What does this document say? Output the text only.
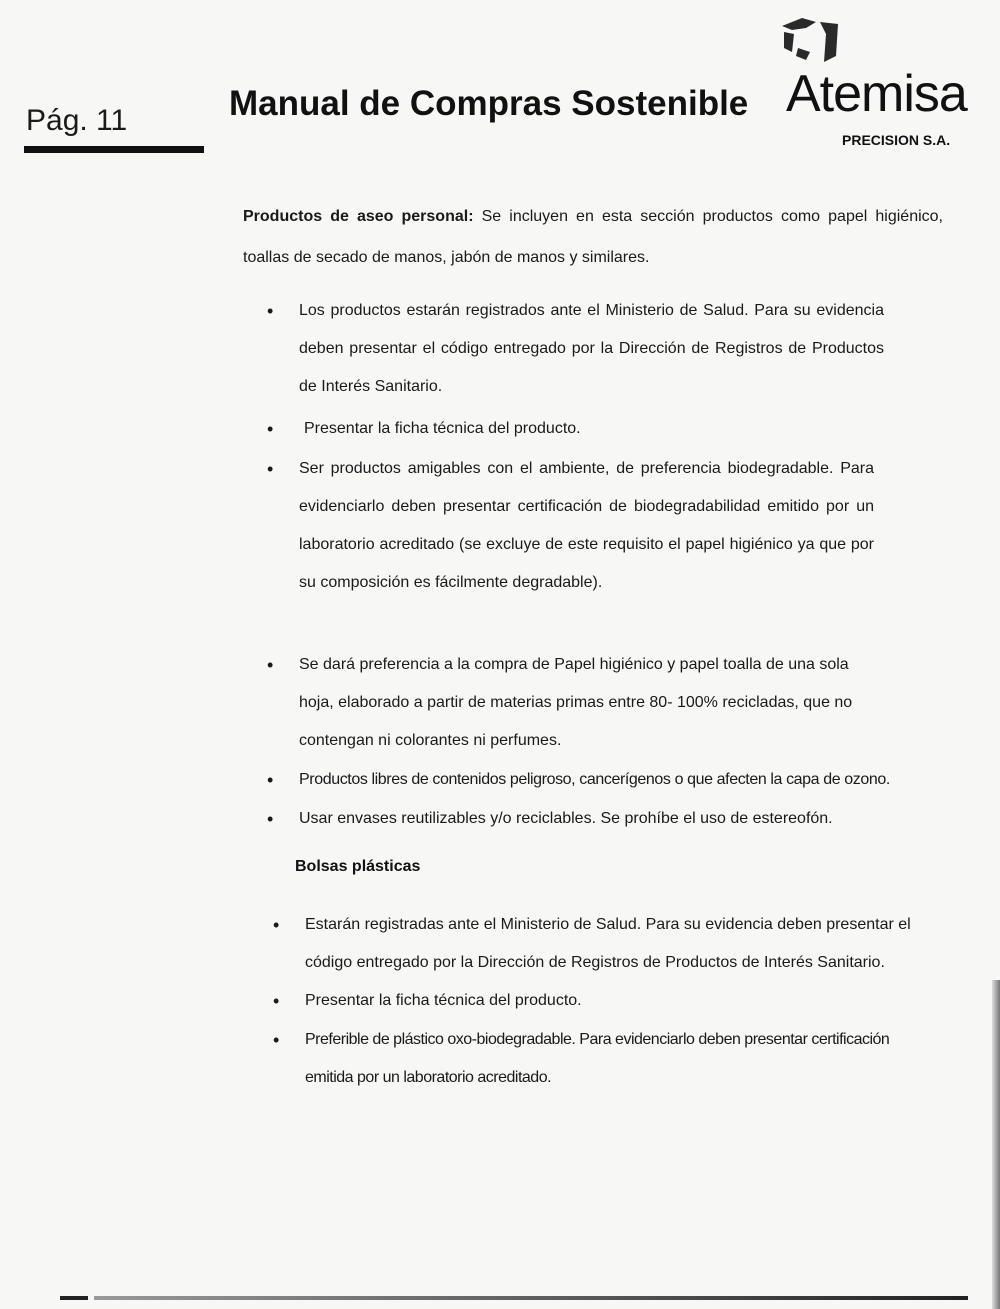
Pág. 11	Manual de Compras Sostenible Atemisa
PRECISION S.A.
Productos de aseo personal: Se incluyen en esta sección productos como papel higiénico, toallas de secado de manos, jabón de manos y similares.
• Los productos estarán registrados ante el Ministerio de Salud. Para su evidencia deben presentar el código entregado por la Dirección de Registros de Productos de Interés Sanitario.
• Presentar la ficha técnica del producto.
• Ser productos amigables con el ambiente, de preferencia biodegradable. Para evidenciarlo deben presentar certificación de biodegradabilidad emitido por un laboratorio acreditado (se excluye de este requisito el papel higiénico ya que por su composición es fácilmente degradable).
• Se dará preferencia a la compra de Papel higiénico y papel toalla de una sola hoja, elaborado a partir de materias primas entre 80- 100% recicladas, que no contengan ni colorantes ni perfumes.
• Productos libres de contenidos peligroso, cancerígenos o que afecten la capa de ozono.
• Usar envases reutilizables y/o reciclables. Se prohíbe el uso de estereofón.
Bolsas plásticas
• Estarán registradas ante el Ministerio de Salud. Para su evidencia deben presentar el código entregado por la Dirección de Registros de Productos de Interés Sanitario.
• Presentar la ficha técnica del producto.
• Preferible de plástico oxo-biodegradable. Para evidenciarlo deben presentar certificación emitida por un laboratorio acreditado.
